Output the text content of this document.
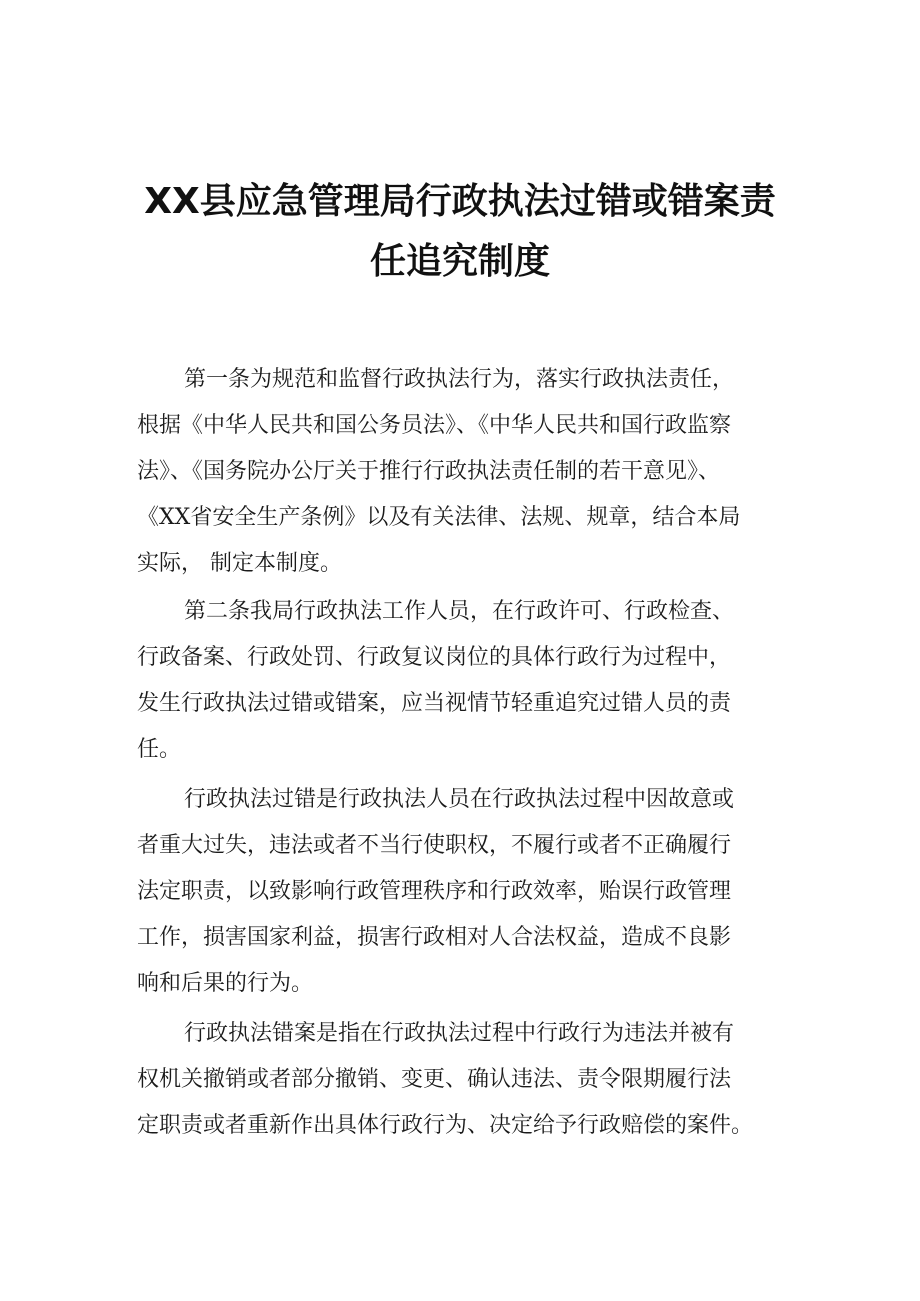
XX县应急管理局行政执法过错或错案责
任追究制度

第一条为规范和监督行政执法行为，落实行政执法责任，

根据《中华人民共和国公务员法》、《中华人民共和国行政监察

法》、《国务院办公厅关于推行行政执法责任制的若干意见》、

《XX省安全生产条例》以及有关法律、法规、规章，结合本局

实际， 制定本制度。

第二条我局行政执法工作人员，在行政许可、行政检查、

行政备案、行政处罚、行政复议岗位的具体行政行为过程中，

发生行政执法过错或错案，应当视情节轻重追究过错人员的责

任。

行政执法过错是行政执法人员在行政执法过程中因故意或

者重大过失，违法或者不当行使职权，不履行或者不正确履行

法定职责，以致影响行政管理秩序和行政效率，贻误行政管理

工作，损害国家利益，损害行政相对人合法权益，造成不良影

响和后果的行为。

行政执法错案是指在行政执法过程中行政行为违法并被有

权机关撤销或者部分撤销、变更、确认违法、责令限期履行法

定职责或者重新作出具体行政行为、决定给予行政赔偿的案件。
